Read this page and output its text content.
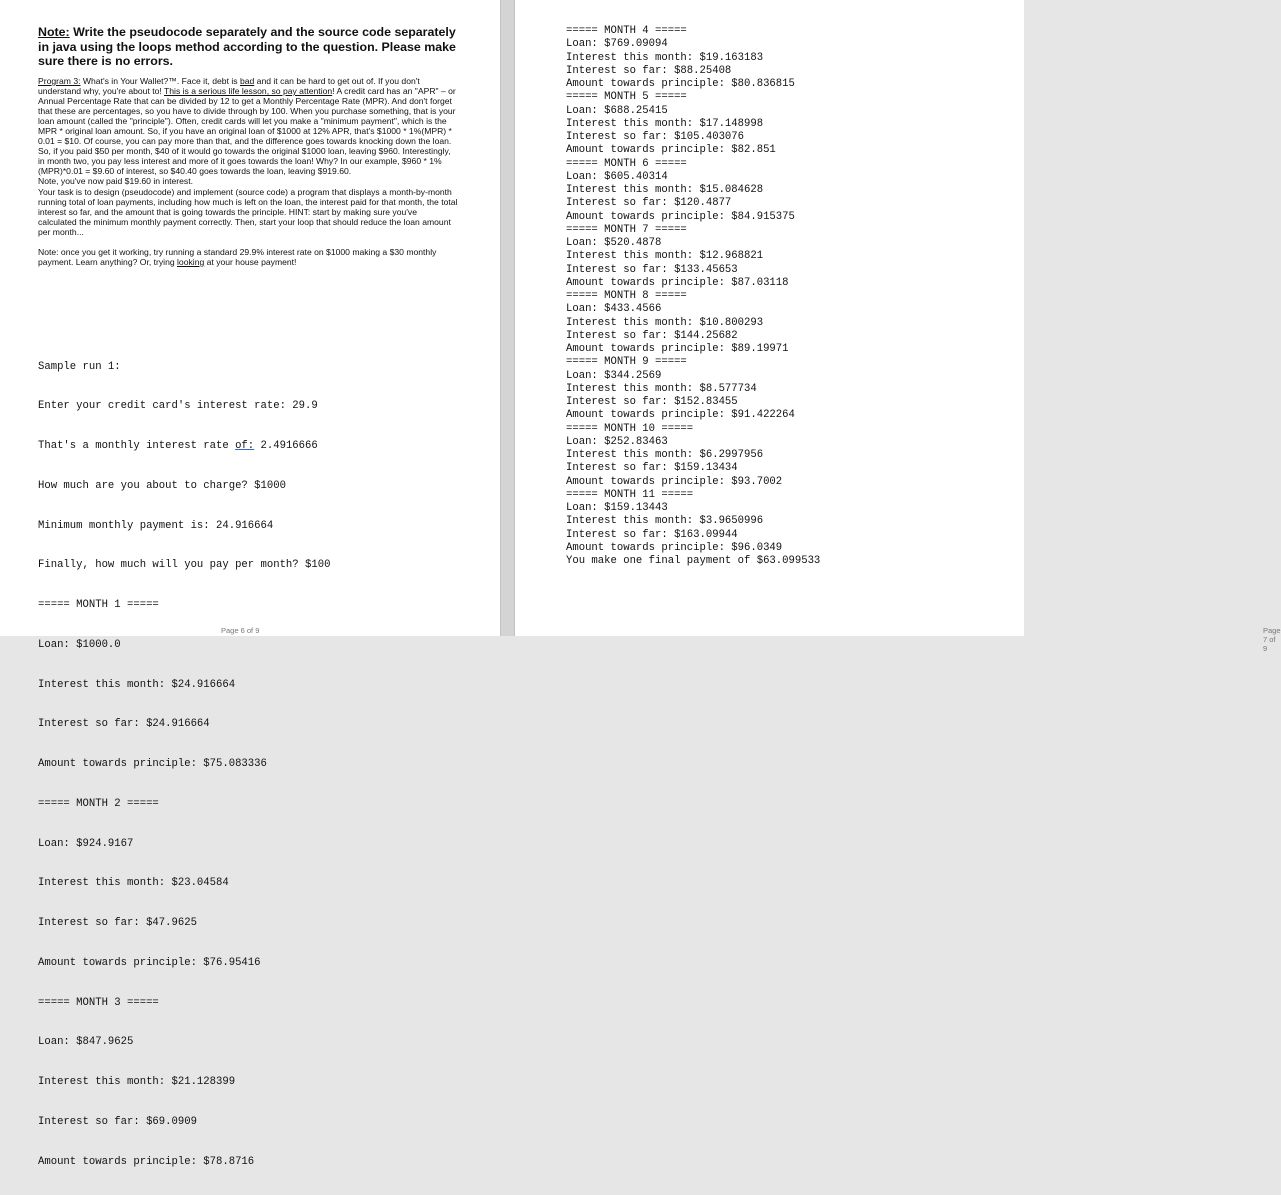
Note: Write the pseudocode separately and the source code separately in java using the loops method according to the question. Please make sure there is no errors.
Program 3: What's in Your Wallet?™. Face it, debt is bad and it can be hard to get out of. If you don't understand why, you're about to! This is a serious life lesson, so pay attention! A credit card has an "APR" – or Annual Percentage Rate that can be divided by 12 to get a Monthly Percentage Rate (MPR). And don't forget that these are percentages, so you have to divide through by 100. When you purchase something, that is your loan amount (called the "principle"). Often, credit cards will let you make a "minimum payment", which is the MPR * original loan amount. So, if you have an original loan of $1000 at 12% APR, that's $1000 * 1%(MPR) * 0.01 = $10. Of course, you can pay more than that, and the difference goes towards knocking down the loan. So, if you paid $50 per month, $40 of it would go towards the original $1000 loan, leaving $960. Interestingly, in month two, you pay less interest and more of it goes towards the loan! Why? In our example, $960 * 1%(MPR)*0.01 = $9.60 of interest, so $40.40 goes towards the loan, leaving $919.60.
Note, you've now paid $19.60 in interest.
Your task is to design (pseudocode) and implement (source code) a program that displays a month-by-month running total of loan payments, including how much is left on the loan, the interest paid for that month, the total interest so far, and the amount that is going towards the principle. HINT: start by making sure you've calculated the minimum monthly payment correctly. Then, start your loop that should reduce the loan amount per month...
Note: once you get it working, try running a standard 29.9% interest rate on $1000 making a $30 monthly payment. Learn anything? Or, trying looking at your house payment!

Sample run 1:

Enter your credit card's interest rate: 29.9

That's a monthly interest rate of: 2.4916666

How much are you about to charge? $1000

Minimum monthly payment is: 24.916664

Finally, how much will you pay per month? $100

===== MONTH 1 =====

Loan: $1000.0

Interest this month: $24.916664

Interest so far: $24.916664

Amount towards principle: $75.083336

===== MONTH 2 =====

Loan: $924.9167

Interest this month: $23.04584

Interest so far: $47.9625

Amount towards principle: $76.95416

===== MONTH 3 =====

Loan: $847.9625

Interest this month: $21.128399

Interest so far: $69.0909

Amount towards principle: $78.8716

Page 6 of 9	Page 7 of 9
===== MONTH 4 =====
Loan: $769.09094
Interest this month: $19.163183
Interest so far: $88.25408
Amount towards principle: $80.836815
===== MONTH 5 =====
Loan: $688.25415
Interest this month: $17.148998
Interest so far: $105.403076
Amount towards principle: $82.851
===== MONTH 6 =====
Loan: $605.40314
Interest this month: $15.084628
Interest so far: $120.4877
Amount towards principle: $84.915375
===== MONTH 7 =====
Loan: $520.4878
Interest this month: $12.968821
Interest so far: $133.45653
Amount towards principle: $87.03118
===== MONTH 8 =====
Loan: $433.4566
Interest this month: $10.800293
Interest so far: $144.25682
Amount towards principle: $89.19971
===== MONTH 9 =====
Loan: $344.2569
Interest this month: $8.577734
Interest so far: $152.83455
Amount towards principle: $91.422264
===== MONTH 10 =====
Loan: $252.83463
Interest this month: $6.2997956
Interest so far: $159.13434
Amount towards principle: $93.7002
===== MONTH 11 =====
Loan: $159.13443
Interest this month: $3.9650996
Interest so far: $163.09944
Amount towards principle: $96.0349
You make one final payment of $63.099533
